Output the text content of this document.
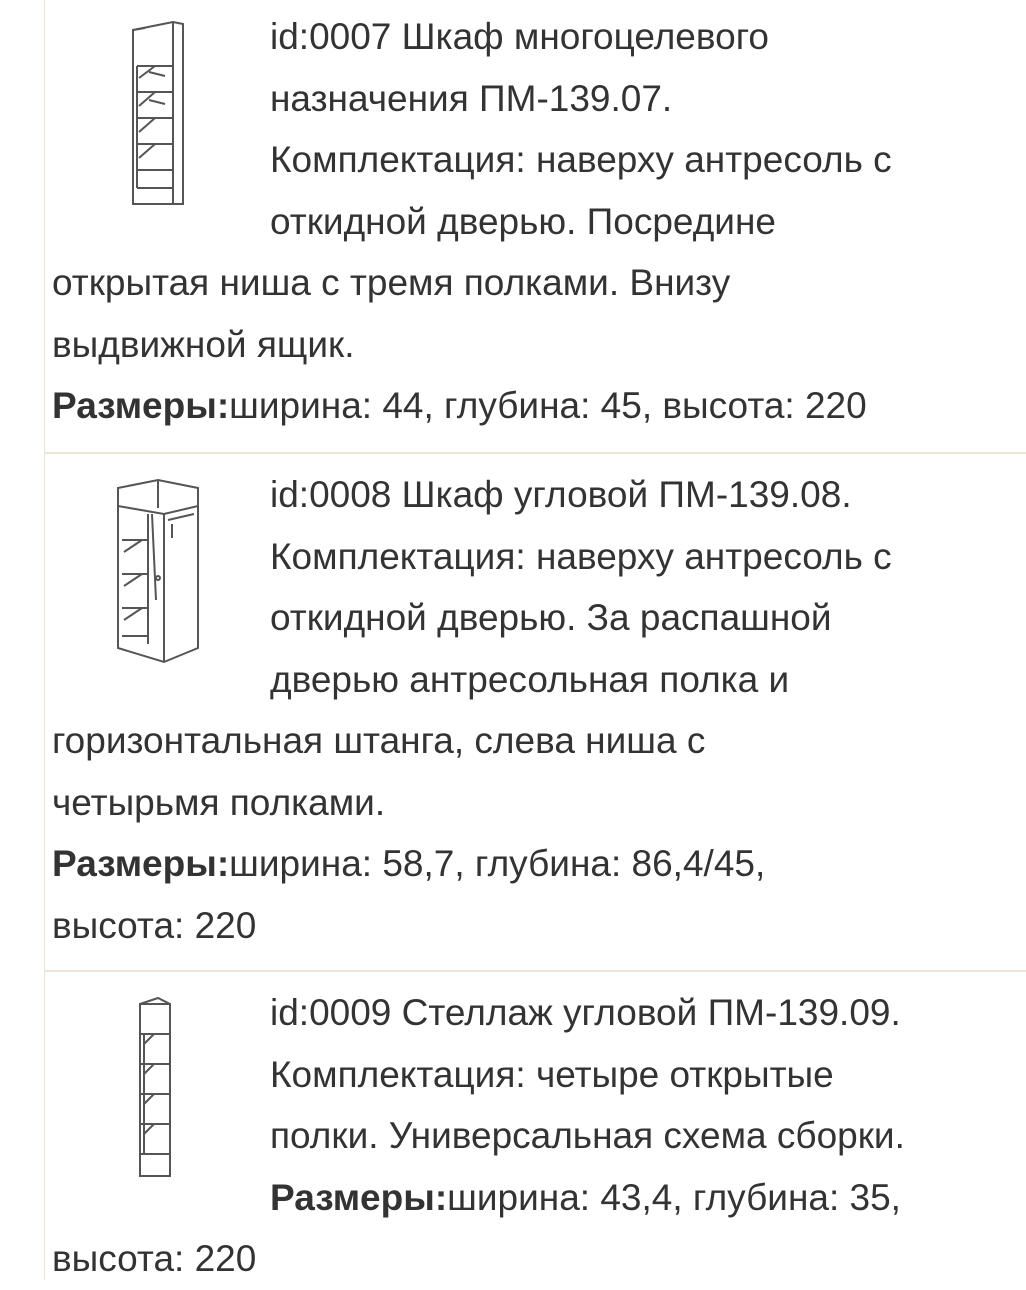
id:0007 Шкаф многоцелевого
назначения ПМ-139.07.
Комплектация: наверху антресоль с
откидной дверью. Посредине
открытая ниша с тремя полками. Внизу
выдвижной ящик.
Размеры:ширина: 44, глубина: 45, высота: 220
id:0008 Шкаф угловой ПМ-139.08.
Комплектация: наверху антресоль с
откидной дверью. За распашной
дверью антресольная полка и
горизонтальная штанга, слева ниша с
четырьмя полками.
Размеры:ширина: 58,7, глубина: 86,4/45,
высота: 220
id:0009 Стеллаж угловой ПМ-139.09.
Комплектация: четыре открытые
полки. Универсальная схема сборки.
Размеры:ширина: 43,4, глубина: 35,
высота: 220
